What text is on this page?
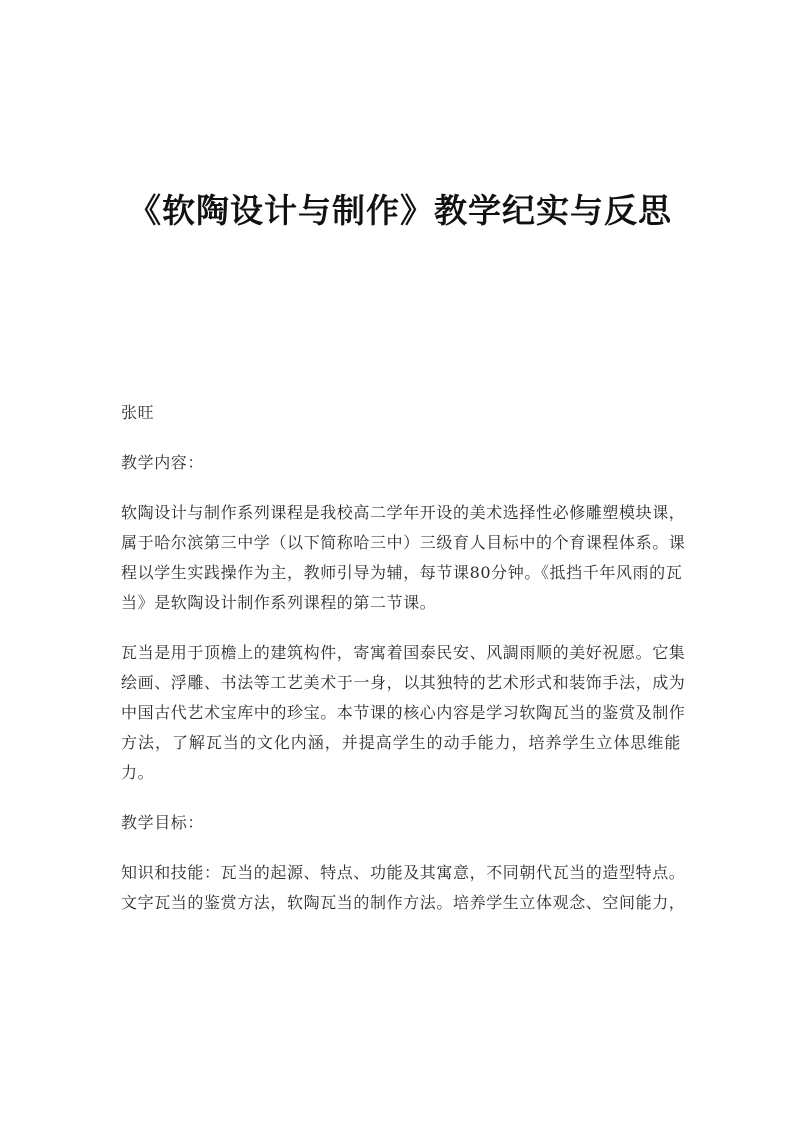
《软陶设计与制作》教学纪实与反思

张旺

教学内容：

软陶设计与制作系列课程是我校高二学年开设的美术选择性必修雕塑模块课，
属于哈尔滨第三中学（以下简称哈三中）三级育人目标中的个育课程体系。课
程以学生实践操作为主，教师引导为辅，每节课80分钟。《抵挡千年风雨的瓦
当》是软陶设计制作系列课程的第二节课。

瓦当是用于顶檐上的建筑构件，寄寓着国泰民安、风調雨顺的美好祝愿。它集
绘画、浮雕、书法等工艺美术于一身，以其独特的艺术形式和装饰手法，成为
中国古代艺术宝库中的珍宝。本节课的核心内容是学习软陶瓦当的鉴赏及制作
方法，了解瓦当的文化内涵，并提高学生的动手能力，培养学生立体思维能
力。

教学目标：

知识和技能：瓦当的起源、特点、功能及其寓意，不同朝代瓦当的造型特点。
文字瓦当的鉴赏方法，软陶瓦当的制作方法。培养学生立体观念、空间能力，
